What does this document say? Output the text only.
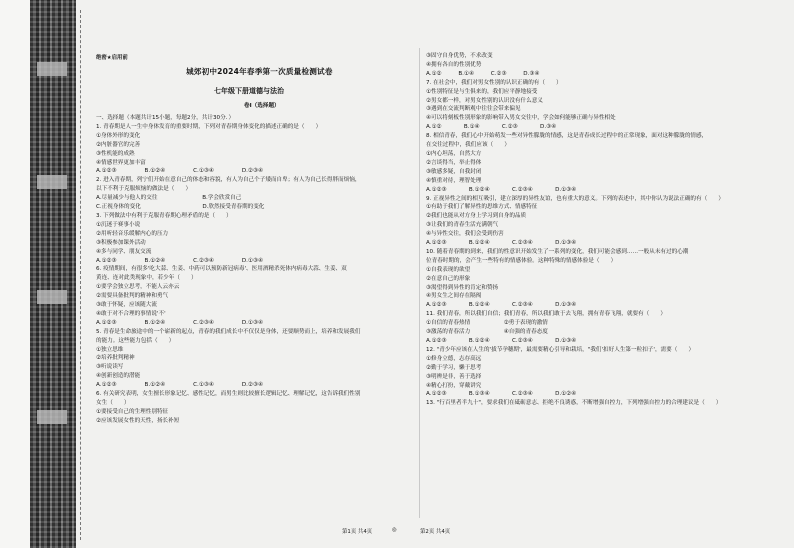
绝密★启用前
城郊初中2024年春季第一次质量检测试卷
七年级下册道德与法治
卷I（选择题）

一、选择题（本题共计15小题，每题2分，共计30分．）

1. 青春期是人一生中身体发育的重要时期，下列对青春期身体变化的描述正确的是（　　）

①身体外形的变化

②内脏器官的完善

③性机能的成熟

④情感世界更加丰富

A.①②③　　　　　B.①②④　　　　　C.①③④　　　　　D.②③④

2. 进入青春期，列宁们开始在意自己的体态和容貌，有人为自己个子矮而自卑；有人为自己长得胖而烦恼，

以下不利于克服烦恼的做法是（　　）

A.尽量减少与他人的交往　　　　　　　　B.学会欣赏自己

C.正视身体的变化　　　　　　　　　　　D.欣然接受青春期的变化

3. 下列做法中有利于克服青春期心理矛盾的是（　　）

①沉迷于赛事小说

②用听轻音乐缓解内心的压力

③积极参加课外活动

④多与同学、朋友交流

A.①②③　　　　　B.①②④　　　　　C.②③④　　　　　D.①③④

6. 疫情期间，有很多'吃大蒜、生姜、中药可以预防新冠病毒'、医用酒精杀死体内病毒大蒜、生姜、双

黄连、连对此类现象中，若少年（　　）

①要学会独立思考，不能人云亦云

②需要具备批判的精神和勇气

③敢于怀疑，应该随大流

④敢于对不合理的事情说'不'

A.①②③　　　　　B.①②④　　　　　C.②③④　　　　　D.①③④

5. 青春是生命旅途中的一个崭新的起点，青春的我们成长中不仅仅是身体，还要顺势而上，培养和发展我们

的能力。这些能力包括（　　）

①独立思维

②培养批判精神

③听说读写

④创新创造的潜能

A.①②③　　　　　B.①②④　　　　　C.①③④　　　　　D.②③④

6. 有关研究表明，女生擅长形象记忆、感性记忆，而男生则比较擅长逻辑记忆、理解记忆，这告诉我们性别

女生（　　）

①要接受自己的生理性别特征

②应该发展女性的天性，扬长补短

③固守自身优势，不求改变

④拥有各自的性别优势

A.①②　　　B.①④　　　C.②③　　　D.③④

7. 在社会中，我们对男女性别的认识正确的有（　　）

①性别特征是与生俱来的，我们应平静地接受

②男女都一样，对男女性别的认识没有什么意义

③遇到在交流判断观中往往会带来偏见

④可以将刻板性别形象的影响带入男女交往中，学会如何能够正确与异性相处

A.①②　　　　B.①④　　　　C.②③　　　　D.③④

8. 相信青春，我们心中开始萌发一些对异性朦胧的情感，这是青春成长过程中的正常现象，面对这种朦胧的情感，

在交往过程中，我们应该（　　）

①内心坦荡，自然大方

②言谈得当，举止得体

③敏感多疑，自我封闭

④慎重对待，理智处理

A.①②③　　　　B.①②④　　　　C.②③④　　　　D.①③④

9. 正视异性之间的相互吸引，建立深厚的异性友谊，也有重大的意义。下列的表述中，其中你认为说法正确的有（　　）

①有助于我们了解异性的思维方式、情感特征

②我们也能从对方身上学习到自身的品质

③让我们的青春生活充满朝气

④与异性交往，我们会受到伤害

A.①②③　　　　B.①②④　　　　C.②③④　　　　D.①③④

10. 随着青春期的到来，我们的性意识开始发生了一系列的变化，我们可能会感到……一般从未有过的心潮

位青春时期的，会产生一些特有的情感体验。这种特殊的情感体验是（　　）

①自我表现的欲望

②在意自己的形象

③渴望得到异性的肯定和赞扬

④男女生之间存在隔阂

A.①②③　　　　B.①②④　　　　C.②③④　　　　D.①③④

11. 我们青春，所以我们自信；我们青春，所以我们敢于去飞翔，拥有青春飞翔，就要有（　　）

①自信的青春热情　　　　　　②勇于表现的激情

③激荡的青春活力　　　　　　④自强的青春态度

A.①②③　　　　B.①②④　　　　C.②③④　　　　D.①③④

12. "青少年应该在人生的'拔节孕穗期'，最需要精心引导和栽培，"我们'扣好人生第一粒扣子'，需要（　　）

①修身立德，志存高远

②勤于学习，懒于思考

③明辨是非，善于选择

④精心打扮，穿戴讲究

A.①②③　　　　B.①③④　　　　C.②③④　　　　D.①②④

13. "行百里者半九十"，要求我们在砥砺意志、拒绝不良诱惑，不断增强自控力，下列增强自控力的合理建议是（　　）

第1页 共4页	◎	第2页 共4页
